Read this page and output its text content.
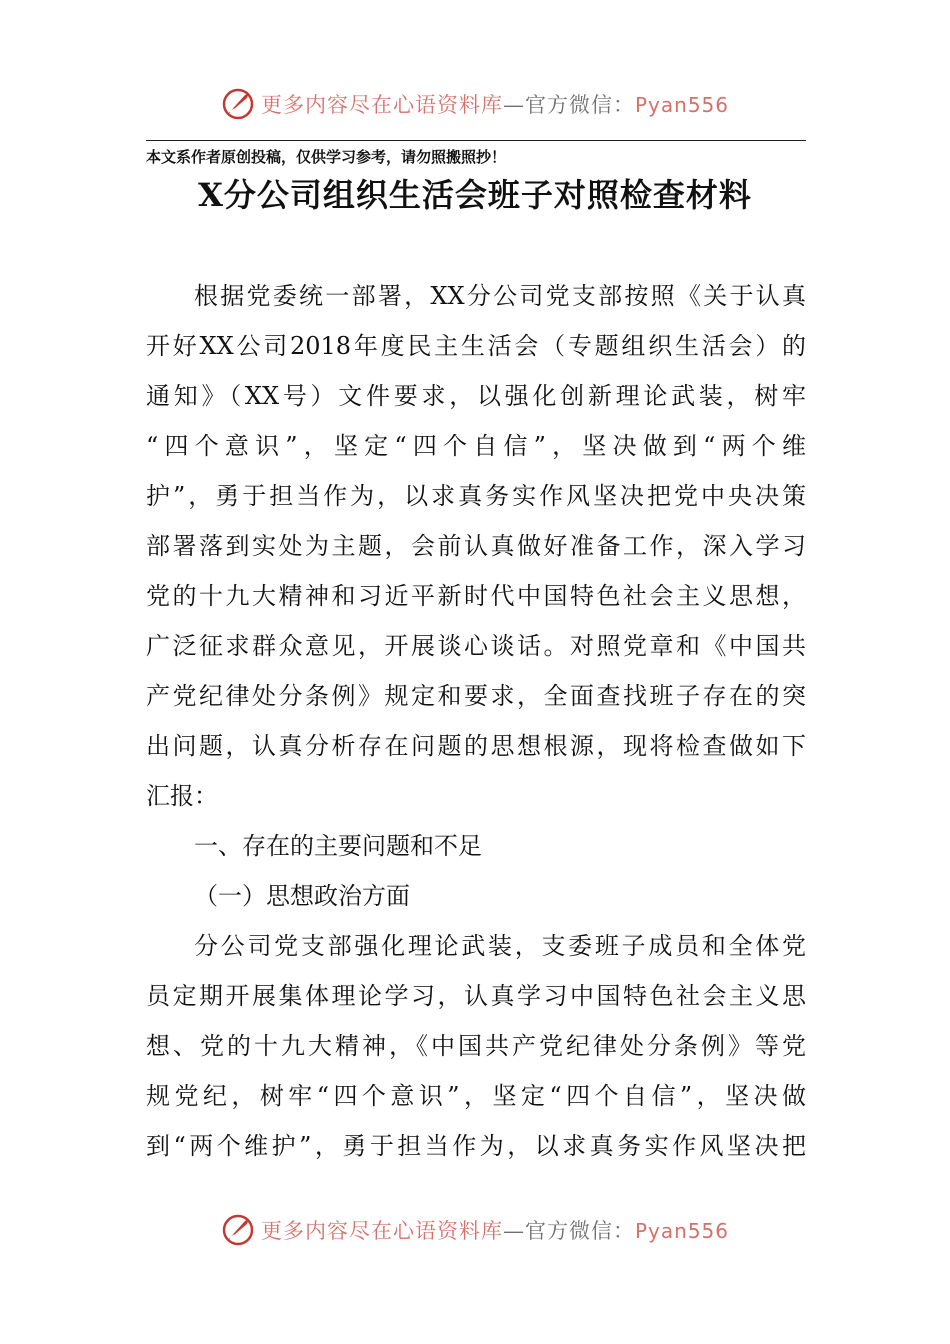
更多内容尽在心语资料库—官方微信：Pyan556
本文系作者原创投稿，仅供学习参考，请勿照搬照抄！
X分公司组织生活会班子对照检查材料
根据党委统一部署，XX分公司党支部按照《关于认真
开好XX公司2018年度民主生活会（专题组织生活会）的
通知》（XX号）文件要求，以强化创新理论武装，树牢
“四个意识”，坚定“四个自信”，坚决做到“两个维
护”，勇于担当作为，以求真务实作风坚决把党中央决策
部署落到实处为主题，会前认真做好准备工作，深入学习
党的十九大精神和习近平新时代中国特色社会主义思想，
广泛征求群众意见，开展谈心谈话。对照党章和《中国共
产党纪律处分条例》规定和要求，全面查找班子存在的突
出问题，认真分析存在问题的思想根源，现将检查做如下
汇报：
一、存在的主要问题和不足
（一）思想政治方面
分公司党支部强化理论武装，支委班子成员和全体党
员定期开展集体理论学习，认真学习中国特色社会主义思
想、党的十九大精神，《中国共产党纪律处分条例》等党
规党纪，树牢“四个意识”，坚定“四个自信”，坚决做
到“两个维护”，勇于担当作为，以求真务实作风坚决把
更多内容尽在心语资料库—官方微信：Pyan556
